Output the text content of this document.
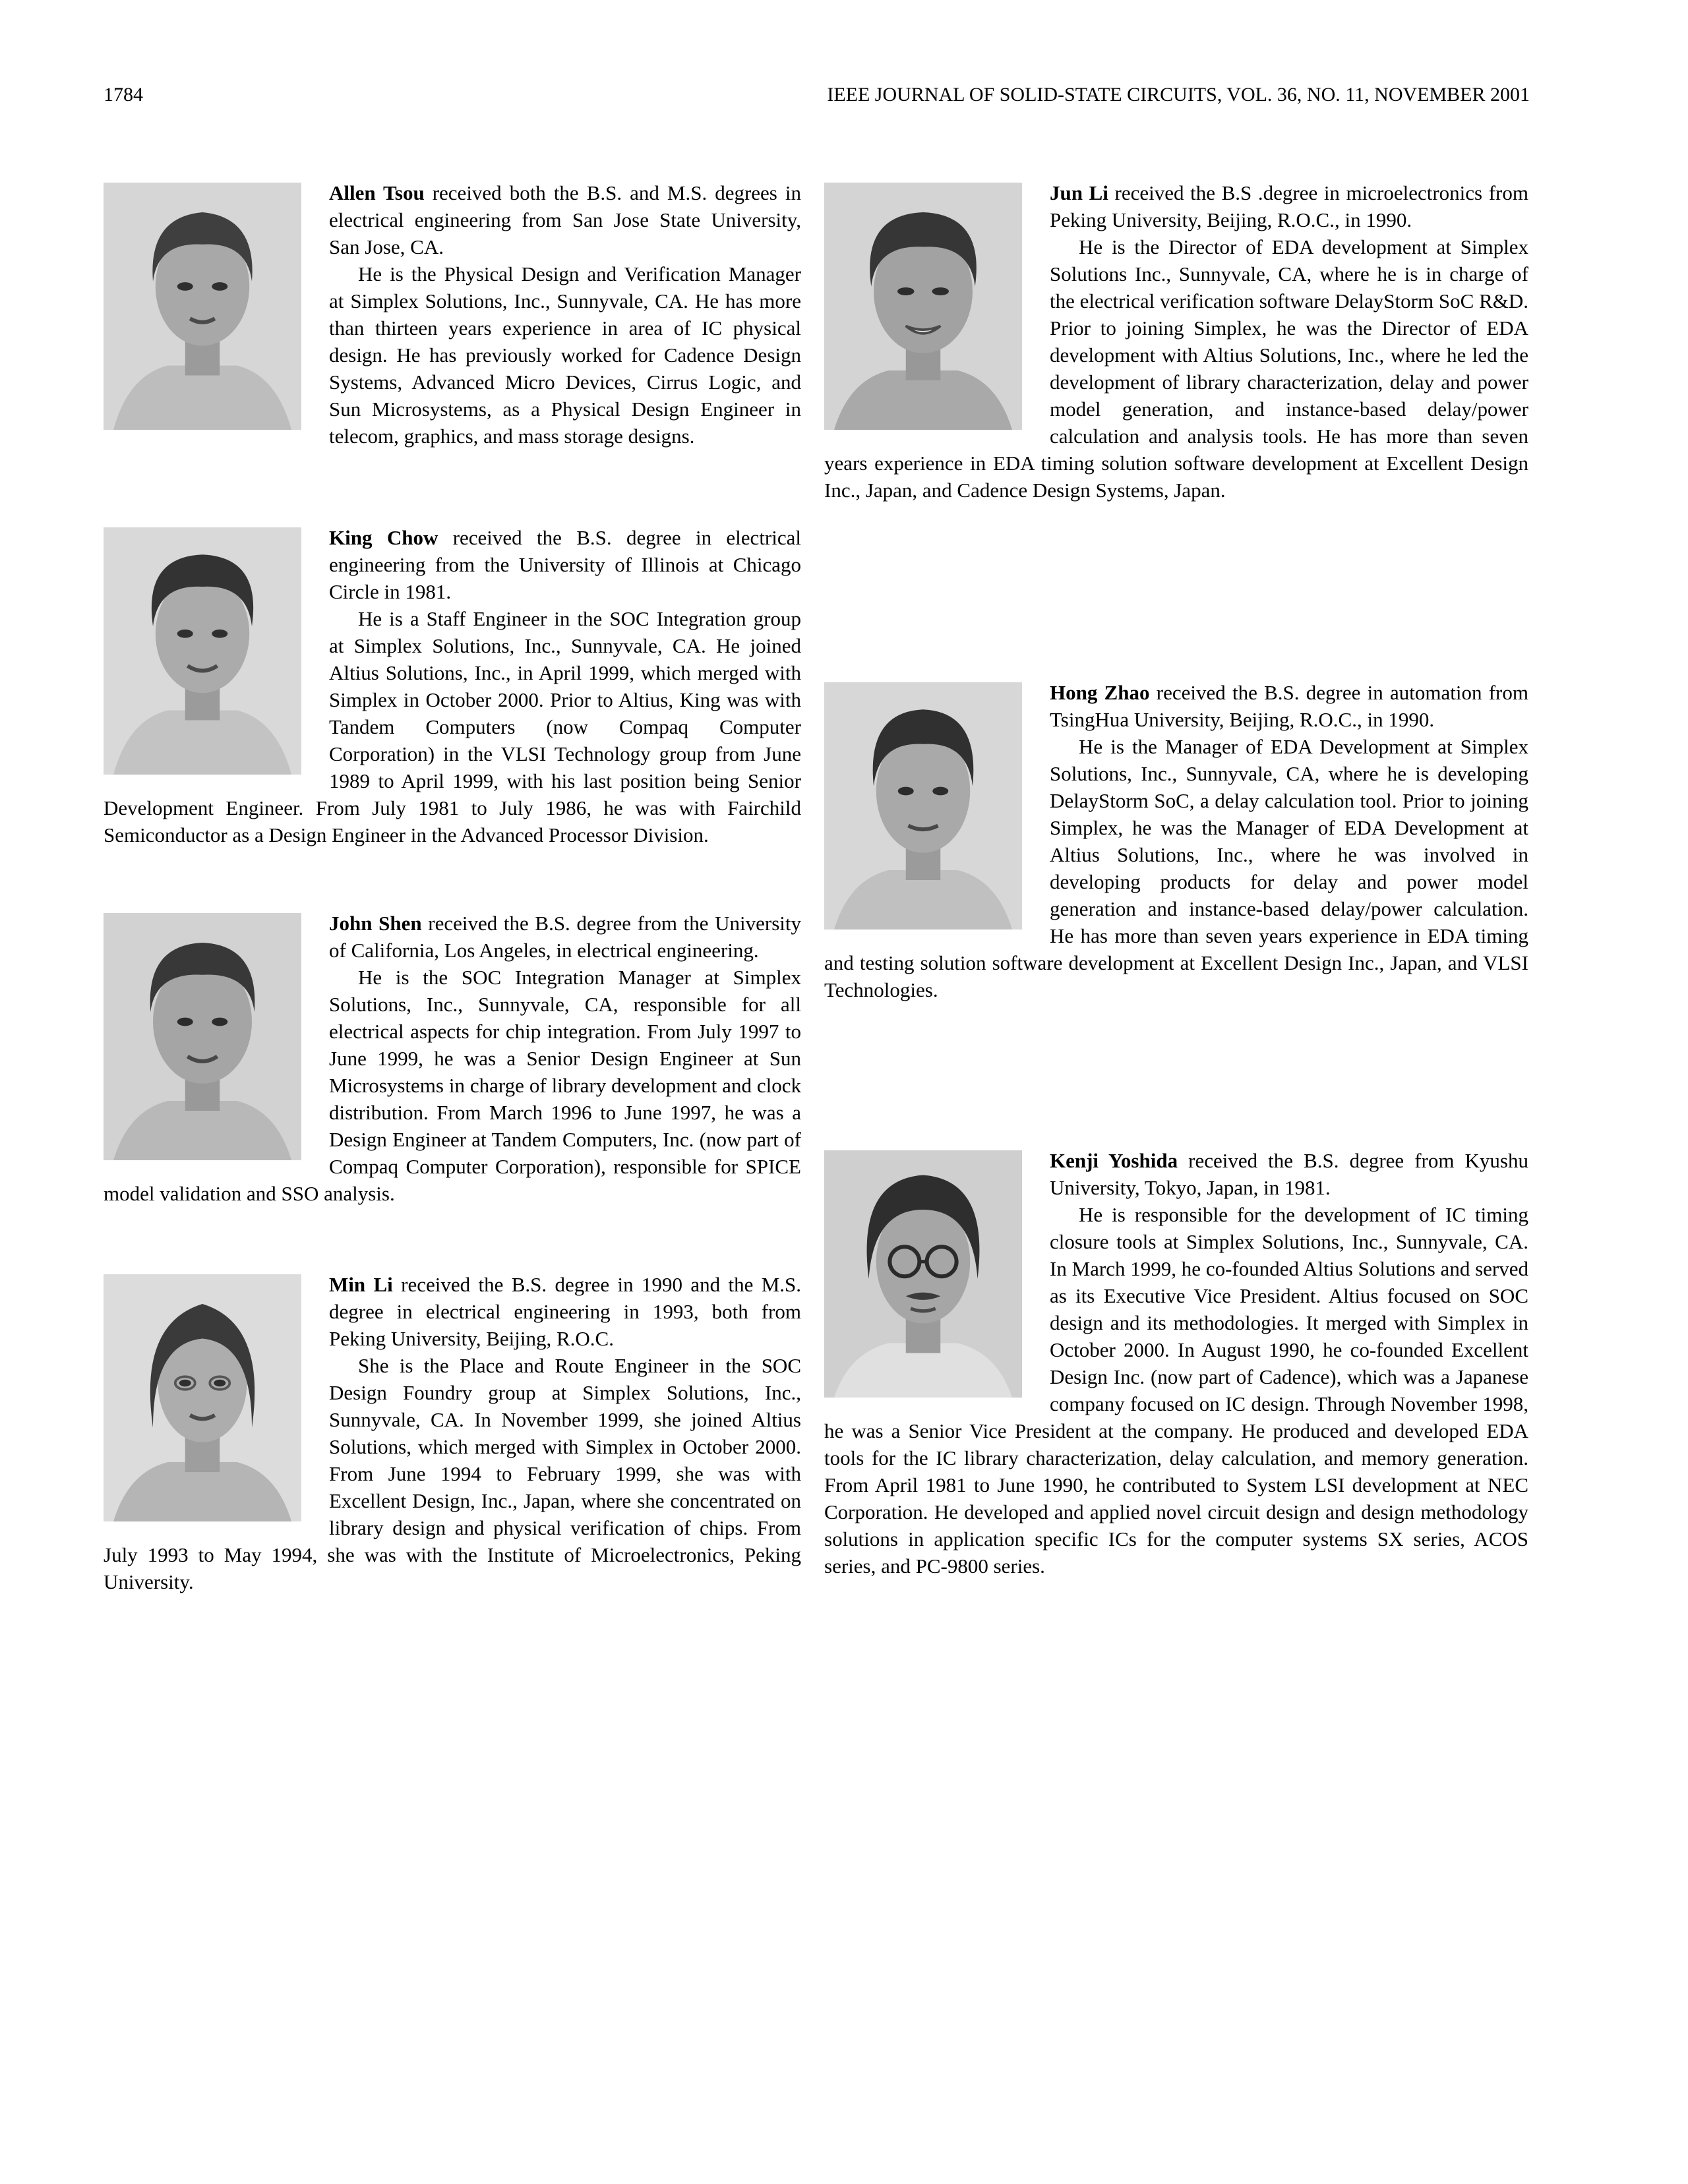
1784	IEEE JOURNAL OF SOLID-STATE CIRCUITS, VOL. 36, NO. 11, NOVEMBER 2001

Allen Tsou received both the B.S. and M.S. degrees in electrical engineering from San Jose State University, San Jose, CA.

He is the Physical Design and Verification Manager at Simplex Solutions, Inc., Sunnyvale, CA. He has more than thirteen years experience in area of IC physical design. He has previously worked for Cadence Design Systems, Advanced Micro Devices, Cirrus Logic, and Sun Microsystems, as a Physical Design Engineer in telecom, graphics, and mass storage designs.

King Chow received the B.S. degree in electrical engineering from the University of Illinois at Chicago Circle in 1981.

He is a Staff Engineer in the SOC Integration group at Simplex Solutions, Inc., Sunnyvale, CA. He joined Altius Solutions, Inc., in April 1999, which merged with Simplex in October 2000. Prior to Altius, King was with Tandem Computers (now Compaq Computer Corporation) in the VLSI Technology group from June 1989 to April 1999, with his last position being Senior Development Engineer. From July 1981 to July 1986, he was with Fairchild Semiconductor as a Design Engineer in the Advanced Processor Division.

John Shen received the B.S. degree from the University of California, Los Angeles, in electrical engineering.

He is the SOC Integration Manager at Simplex Solutions, Inc., Sunnyvale, CA, responsible for all electrical aspects for chip integration. From July 1997 to June 1999, he was a Senior Design Engineer at Sun Microsystems in charge of library development and clock distribution. From March 1996 to June 1997, he was a Design Engineer at Tandem Computers, Inc. (now part of Compaq Computer Corporation), responsible for SPICE model validation and SSO analysis.

Min Li received the B.S. degree in 1990 and the M.S. degree in electrical engineering in 1993, both from Peking University, Beijing, R.O.C.

She is the Place and Route Engineer in the SOC Design Foundry group at Simplex Solutions, Inc., Sunnyvale, CA. In November 1999, she joined Altius Solutions, which merged with Simplex in October 2000. From June 1994 to February 1999, she was with Excellent Design, Inc., Japan, where she concentrated on library design and physical verification of chips. From July 1993 to May 1994, she was with the Institute of Microelectronics, Peking University.

Jun Li received the B.S .degree in microelectronics from Peking University, Beijing, R.O.C., in 1990.

He is the Director of EDA development at Simplex Solutions Inc., Sunnyvale, CA, where he is in charge of the electrical verification software DelayStorm SoC R&D. Prior to joining Simplex, he was the Director of EDA development with Altius Solutions, Inc., where he led the development of library characterization, delay and power model generation, and instance-based delay/power calculation and analysis tools. He has more than seven years experience in EDA timing solution software development at Excellent Design Inc., Japan, and Cadence Design Systems, Japan.

Hong Zhao received the B.S. degree in automation from TsingHua University, Beijing, R.O.C., in 1990.

He is the Manager of EDA Development at Simplex Solutions, Inc., Sunnyvale, CA, where he is developing DelayStorm SoC, a delay calculation tool. Prior to joining Simplex, he was the Manager of EDA Development at Altius Solutions, Inc., where he was involved in developing products for delay and power model generation and instance-based delay/power calculation. He has more than seven years experience in EDA timing and testing solution software development at Excellent Design Inc., Japan, and VLSI Technologies.

Kenji Yoshida received the B.S. degree from Kyushu University, Tokyo, Japan, in 1981.

He is responsible for the development of IC timing closure tools at Simplex Solutions, Inc., Sunnyvale, CA. In March 1999, he co-founded Altius Solutions and served as its Executive Vice President. Altius focused on SOC design and its methodologies. It merged with Simplex in October 2000. In August 1990, he co-founded Excellent Design Inc. (now part of Cadence), which was a Japanese company focused on IC design. Through November 1998, he was a Senior Vice President at the company. He produced and developed EDA tools for the IC library characterization, delay calculation, and memory generation. From April 1981 to June 1990, he contributed to System LSI development at NEC Corporation. He developed and applied novel circuit design and design methodology solutions in application specific ICs for the computer systems SX series, ACOS series, and PC-9800 series.
